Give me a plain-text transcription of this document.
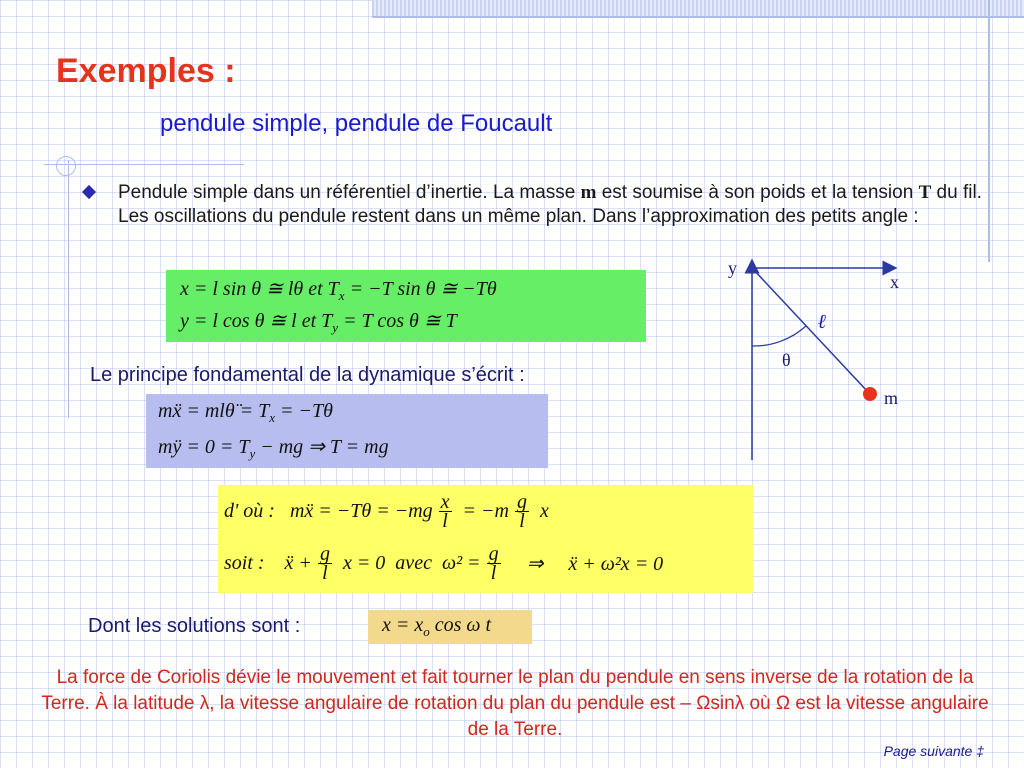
Exemples :
pendule simple, pendule de Foucault

Pendule simple dans un référentiel d’inertie. La masse m est soumise à son poids et la tension T du fil. Les oscillations du pendule restent dans un même plan. Dans l’approximation des petits angle :

x = l sin θ ≅ lθ et $T_x = -T$ sin θ ≅ −Tθ
y = l cos θ ≅ l et $T_y = T$ cos θ ≅ T

Le principe fondamental de la dynamique s’écrit :

mẍ = mlθ̈ = $T_x = -T\theta$
mÿ = $0 = T_y$ − mg ⇒ T = mg
d' où :   mẍ = $-T\theta = -mg \frac{x}{l} = -m$ g
l x
soit :    ẍ + $\frac{g}{l}$ x = 0  avec  $\omega^2 = \frac{g}{l}$ ⇒     ẍ + ω²x = 0

Dont les solutions sont :	$x = x_o$ cos ω t

La force de Coriolis dévie le mouvement et fait tourner le plan du pendule en sens inverse de la rotation de la Terre. À la latitude λ, la vitesse angulaire de rotation du plan du pendule est – Ωsinλ où Ω est la vitesse angulaire de la Terre.

Page suivante ‡
y
x
ℓ
θ
m
